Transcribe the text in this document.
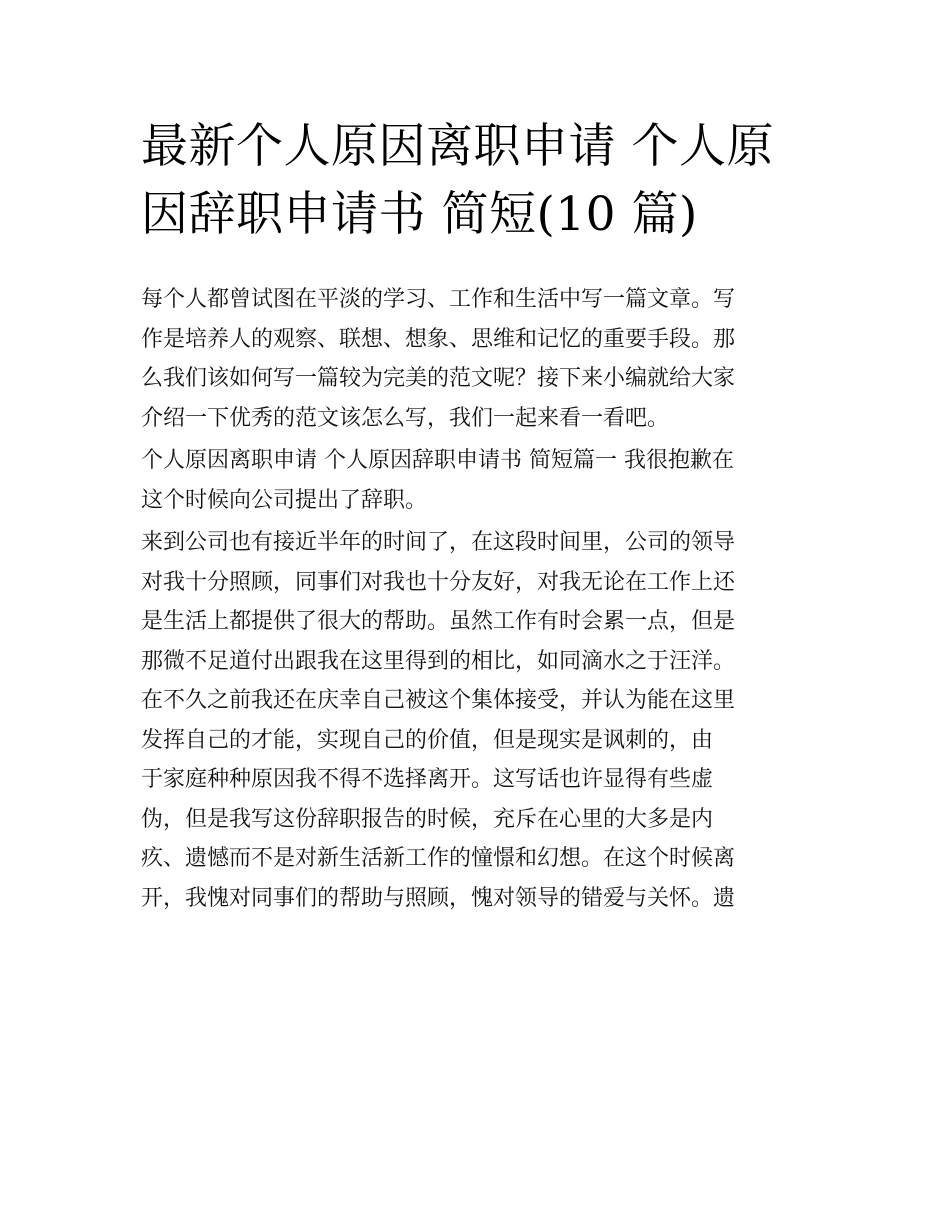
最新个人原因离职申请 个人原
因辞职申请书 简短(10 篇)

每个人都曾试图在平淡的学习、工作和生活中写一篇文章。写
作是培养人的观察、联想、想象、思维和记忆的重要手段。那
么我们该如何写一篇较为完美的范文呢？接下来小编就给大家
介绍一下优秀的范文该怎么写，我们一起来看一看吧。

个人原因离职申请 个人原因辞职申请书 简短篇一 我很抱歉在
这个时候向公司提出了辞职。

来到公司也有接近半年的时间了，在这段时间里，公司的领导
对我十分照顾，同事们对我也十分友好，对我无论在工作上还
是生活上都提供了很大的帮助。虽然工作有时会累一点，但是
那微不足道付出跟我在这里得到的相比，如同滴水之于汪洋。
在不久之前我还在庆幸自己被这个集体接受，并认为能在这里
发挥自己的才能，实现自己的价值，但是现实是讽刺的，由
于家庭种种原因我不得不选择离开。这写话也许显得有些虚
伪，但是我写这份辞职报告的时候，充斥在心里的大多是内
疚、遗憾而不是对新生活新工作的憧憬和幻想。在这个时候离
开，我愧对同事们的帮助与照顾，愧对领导的错爱与关怀。遗
